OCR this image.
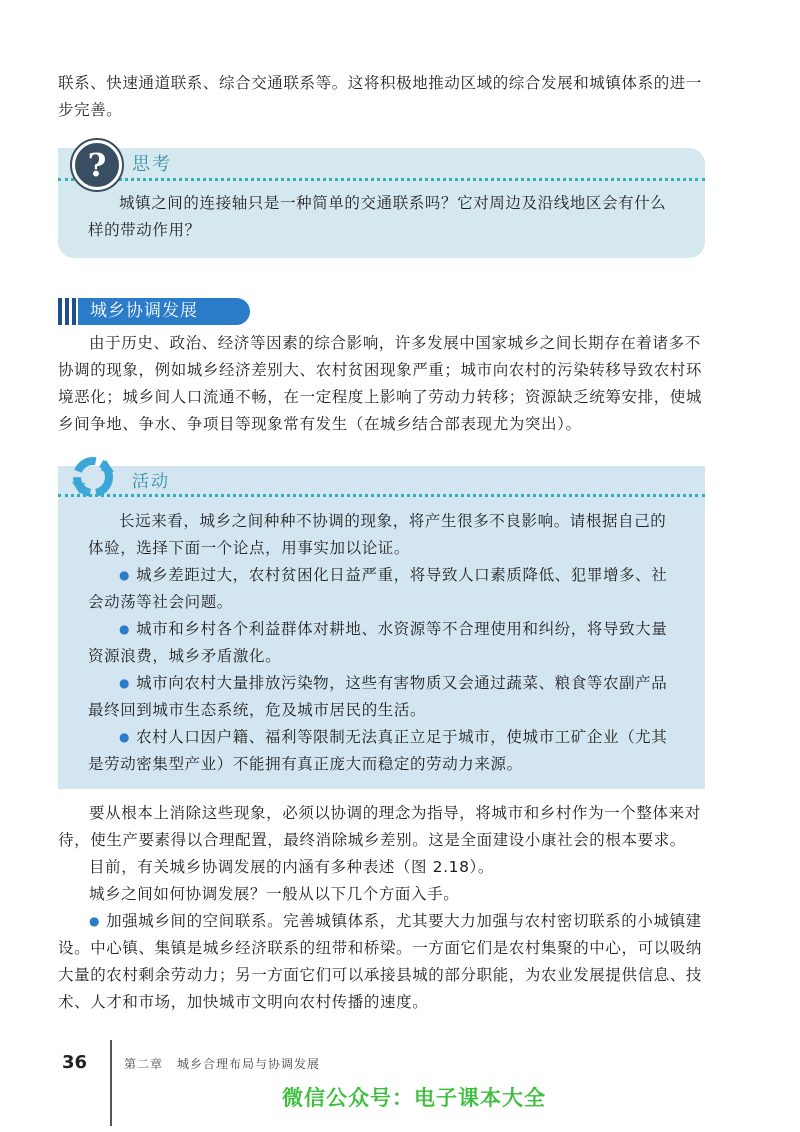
联系、快速通道联系、综合交通联系等。这将积极地推动区域的综合发展和城镇体系的进一步完善。

?	思考

城镇之间的连接轴只是一种简单的交通联系吗？它对周边及沿线地区会有什么样的带动作用？

城乡协调发展

由于历史、政治、经济等因素的综合影响，许多发展中国家城乡之间长期存在着诸多不协调的现象，例如城乡经济差别大、农村贫困现象严重；城市向农村的污染转移导致农村环境恶化；城乡间人口流通不畅，在一定程度上影响了劳动力转移；资源缺乏统筹安排，使城乡间争地、争水、争项目等现象常有发生（在城乡结合部表现尤为突出）。

活动

长远来看，城乡之间种种不协调的现象，将产生很多不良影响。请根据自己的体验，选择下面一个论点，用事实加以论证。

● 城乡差距过大，农村贫困化日益严重，将导致人口素质降低、犯罪增多、社会动荡等社会问题。

● 城市和乡村各个利益群体对耕地、水资源等不合理使用和纠纷，将导致大量资源浪费，城乡矛盾激化。

● 城市向农村大量排放污染物，这些有害物质又会通过蔬菜、粮食等农副产品最终回到城市生态系统，危及城市居民的生活。

● 农村人口因户籍、福利等限制无法真正立足于城市，使城市工矿企业（尤其是劳动密集型产业）不能拥有真正庞大而稳定的劳动力来源。

要从根本上消除这些现象，必须以协调的理念为指导，将城市和乡村作为一个整体来对待，使生产要素得以合理配置，最终消除城乡差别。这是全面建设小康社会的根本要求。

目前，有关城乡协调发展的内涵有多种表述（图 2.18）。

城乡之间如何协调发展？一般从以下几个方面入手。

● 加强城乡间的空间联系。完善城镇体系，尤其要大力加强与农村密切联系的小城镇建设。中心镇、集镇是城乡经济联系的纽带和桥梁。一方面它们是农村集聚的中心，可以吸纳大量的农村剩余劳动力；另一方面它们可以承接县城的部分职能，为农业发展提供信息、技术、人才和市场，加快城市文明向农村传播的速度。

36	第二章 城乡合理布局与协调发展
微信公众号：电子课本大全
